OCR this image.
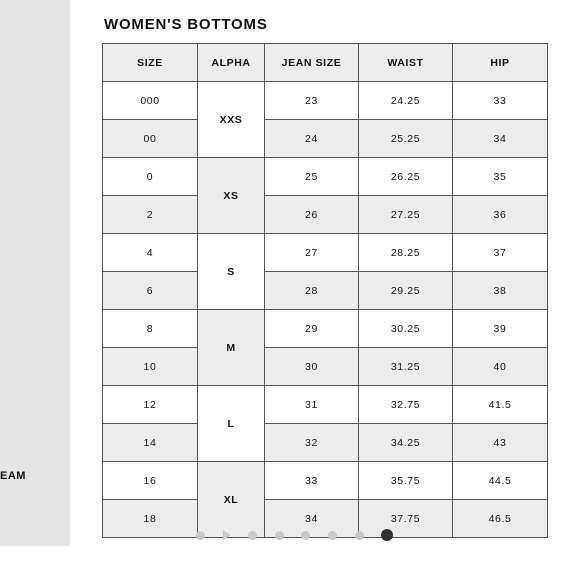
EAM
WOMEN'S BOTTOMS
SIZE	ALPHA	JEAN SIZE	WAIST	HIP
000	XXS	23	24.25	33
00		24	25.25	34
0	XS	25	26.25	35
2		26	27.25	36
4	S	27	28.25	37
6		28	29.25	38
8	M	29	30.25	39
10		30	31.25	40
12	L	31	32.75	41.5
14		32	34.25	43
16	XL	33	35.75	44.5
18		34	37.75	46.5
